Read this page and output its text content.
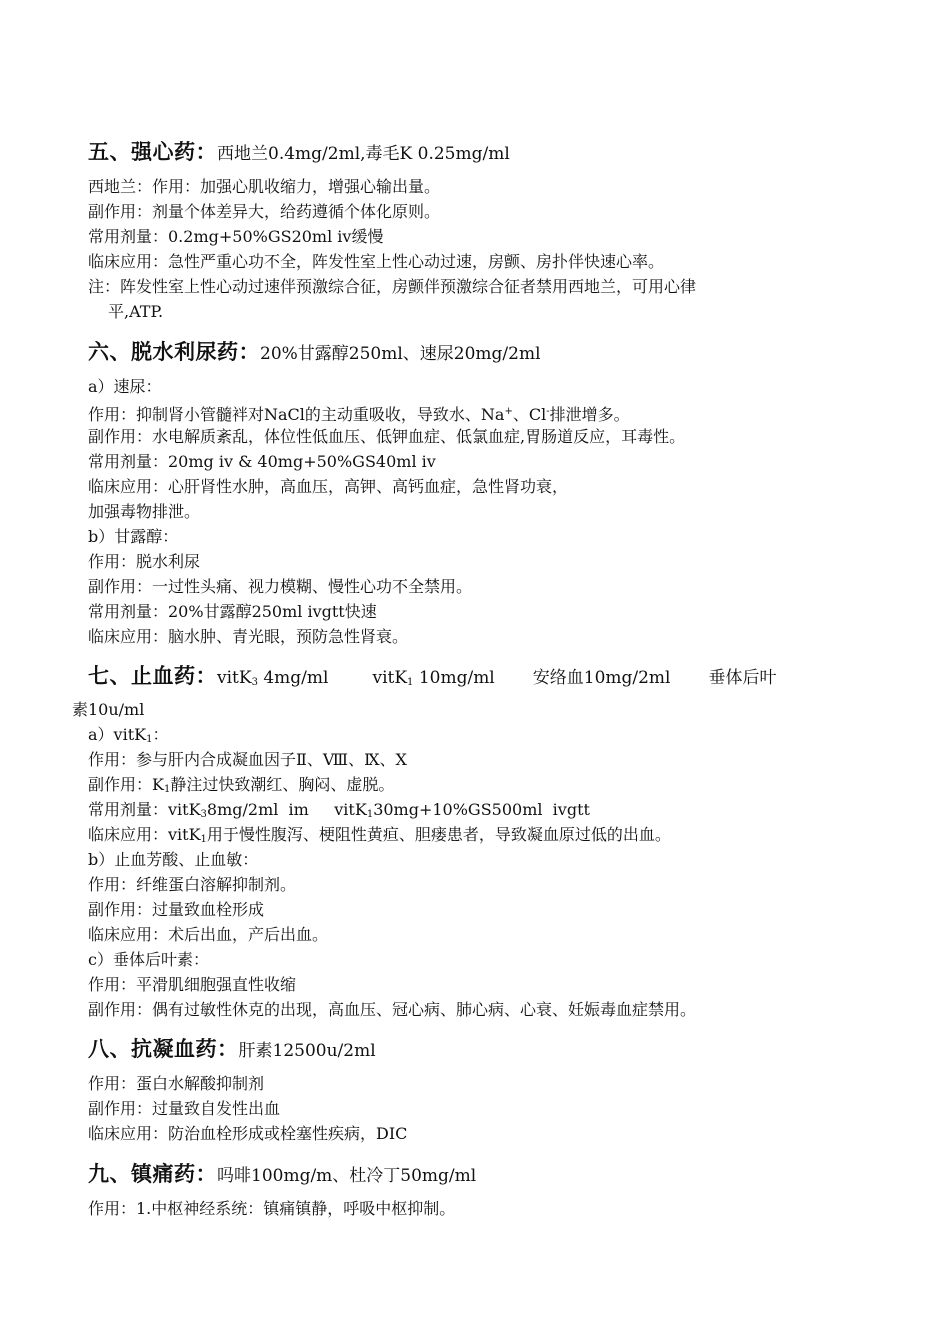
五、强心药：西地兰0.4mg/2ml,毒毛K 0.25mg/ml
西地兰：作用：加强心肌收缩力，增强心输出量。
副作用：剂量个体差异大，给药遵循个体化原则。
常用剂量：0.2mg+50%GS20ml iv缓慢
临床应用：急性严重心功不全，阵发性室上性心动过速，房颤、房扑伴快速心率。
注：阵发性室上性心动过速伴预激综合征，房颤伴预激综合征者禁用西地兰，可用心律
平,ATP.
六、脱水利尿药：20%甘露醇250ml、速尿20mg/2ml
a）速尿：
作用：抑制肾小管髓袢对NaCl的主动重吸收，导致水、Na+、Cl-排泄增多。
副作用：水电解质紊乱，体位性低血压、低钾血症、低氯血症,胃肠道反应，耳毒性。
常用剂量：20mg iv & 40mg+50%GS40ml iv
临床应用：心肝肾性水肿，高血压，高钾、高钙血症，急性肾功衰，
加强毒物排泄。
b）甘露醇：
作用：脱水利尿
副作用：一过性头痛、视力模糊、慢性心功不全禁用。
常用剂量：20%甘露醇250ml ivgtt快速
临床应用：脑水肿、青光眼，预防急性肾衰。
七、止血药：vitK$_3$ 4mg/ml	vitK$_1$ 10mg/ml 安络血10mg/2ml 垂体后叶
素10u/ml
a）vitK$_1$：
作用：参与肝内合成凝血因子Ⅱ、Ⅷ、Ⅸ、Ⅹ
副作用：$K_1$静注过快致潮红、胸闷、虚脱。
常用剂量：vitK$_3$8mg/2ml  im     vitK$_1$30mg+10%GS500ml  ivgtt
临床应用：vitK$_1$用于慢性腹泻、梗阻性黄疸、胆瘘患者，导致凝血原过低的出血。
b）止血芳酸、止血敏：
作用：纤维蛋白溶解抑制剂。
副作用：过量致血栓形成
临床应用：术后出血，产后出血。
c）垂体后叶素：
作用：平滑肌细胞强直性收缩
副作用：偶有过敏性休克的出现，高血压、冠心病、肺心病、心衰、妊娠毒血症禁用。
八、抗凝血药：肝素12500u/2ml
作用：蛋白水解酸抑制剂
副作用：过量致自发性出血
临床应用：防治血栓形成或栓塞性疾病，DIC
九、镇痛药：吗啡100mg/m、杜冷丁50mg/ml
作用：1.中枢神经系统：镇痛镇静，呼吸中枢抑制。
